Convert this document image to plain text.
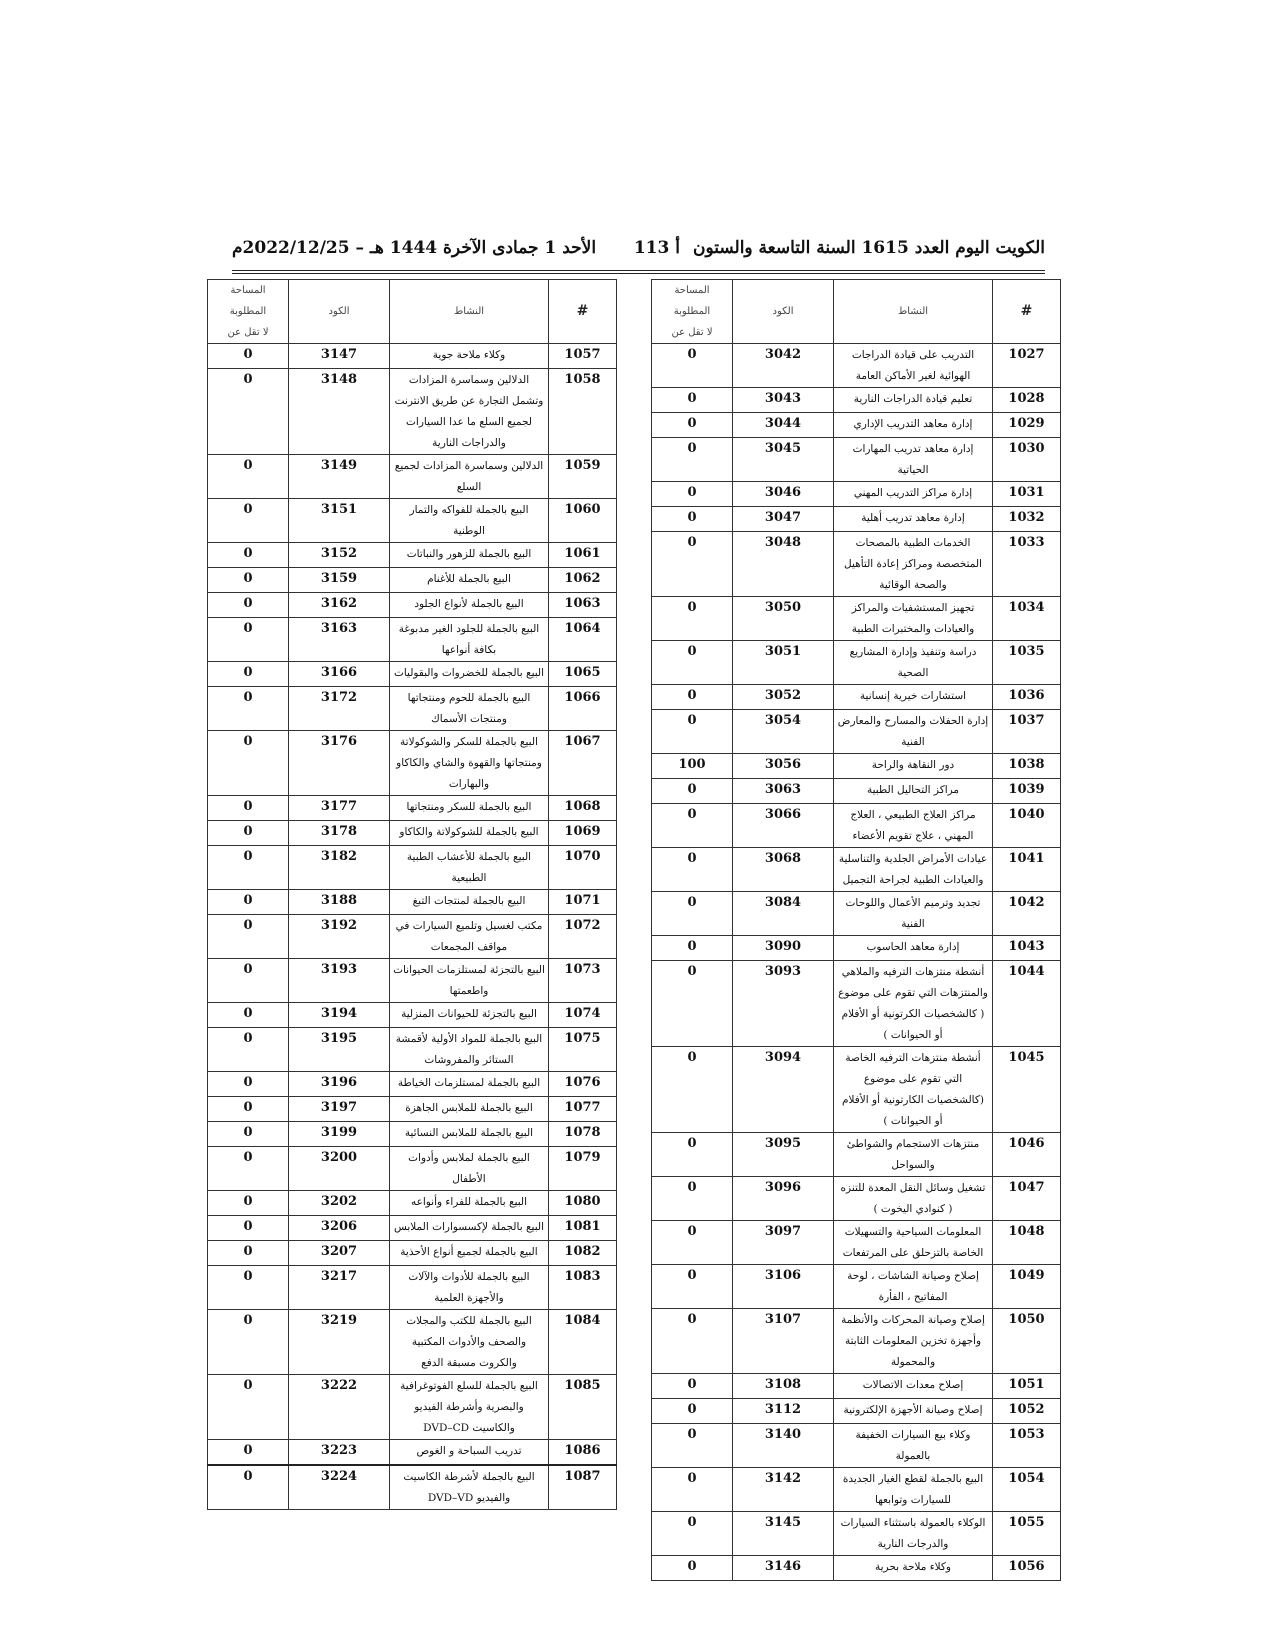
الكويت اليوم العدد 1615 السنة التاسعة والستون
أ 113
الأحد 1 جمادى الآخرة 1444 هـ – 2022/12/25م
#	النشاط	الكود	المساحة
المطلوبة
لا تقل عن

1027	التدريب على قيادة الدراجات الهوائية لغير الأماكن العامة	3042	0
1028	تعليم قيادة الدراجات النارية	3043	0
1029	إدارة معاهد التدريب الإداري	3044	0
1030	إدارة معاهد تدريب المهارات الحياتية	3045	0
1031	إدارة مراكز التدريب المهني	3046	0
1032	إدارة معاهد تدريب أهلية	3047	0
1033	الخدمات الطبية بالمصحات المتخصصة ومراكز إعادة التأهيل والصحة الوقائية	3048	0
1034	تجهيز المستشفيات والمراكز والعيادات والمختبرات الطبية	3050	0
1035	دراسة وتنفيذ وإدارة المشاريع الصحية	3051	0
1036	استشارات خيرية إنسانية	3052	0
1037	إدارة الحفلات والمسارح والمعارض الفنية	3054	0
1038	دور النقاهة والراحة	3056	100
1039	مراكز التحاليل الطبية	3063	0
1040	مراكز العلاج الطبيعي ، العلاج المهني ، علاج تقويم الأعضاء	3066	0
1041	عيادات الأمراض الجلدية والتناسلية والعيادات الطبية لجراحة التجميل	3068	0
1042	تجديد وترميم الأعمال واللوحات الفنية	3084	0
1043	إدارة معاهد الحاسوب	3090	0
1044	أنشطة منتزهات الترفيه والملاهي والمنتزهات التي تقوم على موضوع ( كالشخصيات الكرتونية أو الأفلام أو الحيوانات )	3093	0
1045	أنشطة منتزهات الترفيه الخاصة التي تقوم على موضوع (كالشخصيات الكارتونية أو الأفلام أو الحيوانات )	3094	0
1046	منتزهات الاستجمام والشواطئ والسواحل	3095	0
1047	تشغيل وسائل النقل المعدة للتنزه ( كنوادي اليخوت )	3096	0
1048	المعلومات السياحية والتسهيلات الخاصة بالتزحلق على المرتفعات	3097	0
1049	إصلاح وصيانة الشاشات ، لوحة المفاتيح ، الفأرة	3106	0
1050	إصلاح وصيانة المحركات والأنظمة وأجهزة تخزين المعلومات الثابتة والمحمولة	3107	0
1051	إصلاح معدات الاتصالات	3108	0
1052	إصلاح وصيانة الأجهزة الإلكترونية	3112	0
1053	وكلاء بيع السيارات الخفيفة بالعمولة	3140	0
1054	البيع بالجملة لقطع الغيار الجديدة للسيارات وتوابعها	3142	0
1055	الوكلاء بالعمولة باستثناء السيارات والدرجات النارية	3145	0
1056	وكلاء ملاحة بحرية	3146	0
#	النشاط	الكود	المساحة
المطلوبة
لا تقل عن

1057	وكلاء ملاحة جوية	3147	0
1058	الدلالين وسماسرة المزادات وتشمل التجارة عن طريق الانترنت لجميع السلع ما عدا السيارات والدراجات النارية	3148	0
1059	الدلالين وسماسرة المزادات لجميع السلع	3149	0
1060	البيع بالجملة للفواكه والتمار الوطنية	3151	0
1061	البيع بالجملة للزهور والنباتات	3152	0
1062	البيع بالجملة للأغنام	3159	0
1063	البيع بالجملة لأنواع الجلود	3162	0
1064	البيع بالجملة للجلود الغير مدبوغة بكافة أنواعها	3163	0
1065	البيع بالجملة للخضروات والبقوليات	3166	0
1066	البيع بالجملة للحوم ومنتجاتها ومنتجات الأسماك	3172	0
1067	البيع بالجملة للسكر والشوكولاتة ومنتجاتها والقهوة والشاي والكاكاو والبهارات	3176	0
1068	البيع بالجملة للسكر ومنتجاتها	3177	0
1069	البيع بالجملة للشوكولاتة والكاكاو	3178	0
1070	البيع بالجملة للأعشاب الطبية الطبيعية	3182	0
1071	البيع بالجملة لمنتجات التبغ	3188	0
1072	مكتب لغسيل وتلميع السيارات في مواقف المجمعات	3192	0
1073	البيع بالتجزئة لمستلزمات الحيوانات واطعمتها	3193	0
1074	البيع بالتجزئة للحيوانات المنزلية	3194	0
1075	البيع بالجملة للمواد الأولية لأقمشة الستائر والمفروشات	3195	0
1076	البيع بالجملة لمستلزمات الخياطة	3196	0
1077	البيع بالجملة للملابس الجاهزة	3197	0
1078	البيع بالجملة للملابس النسائية	3199	0
1079	البيع بالجملة لملابس وأدوات الأطفال	3200	0
1080	البيع بالجملة للفراء وأنواعه	3202	0
1081	البيع بالجملة لإكسسوارات الملابس	3206	0
1082	البيع بالجملة لجميع أنواع الأحذية	3207	0
1083	البيع بالجملة للأدوات والآلات والأجهزة العلمية	3217	0
1084	البيع بالجملة للكتب والمجلات والصحف والأدوات المكتبية والكروت مسبقة الدفع	3219	0
1085	البيع بالجملة للسلع الفوتوغرافية والبصرية وأشرطة الفيديو والكاسيت DVD–CD	3222	0
1086	تدريب السباحة و الغوص	3223	0
1087	البيع بالجملة لأشرطة الكاسيت والفيديو DVD–VD	3224	0
